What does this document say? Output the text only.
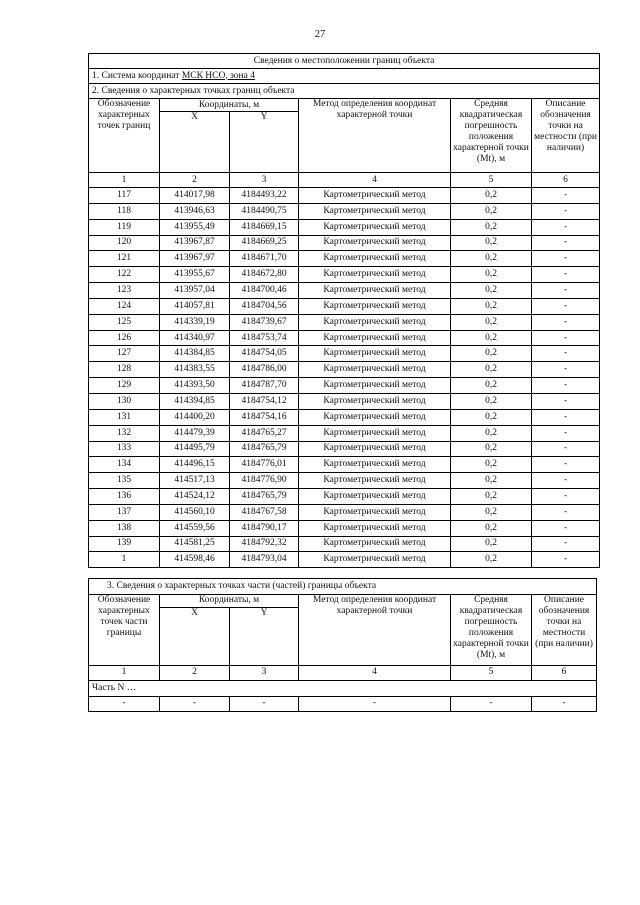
27
Сведения о местоположении границ объекта					
1. Система координат МСК НСО, зона 4					
2. Сведения о характерных точках границ объекта					
Обозначение характерных точек границ	Координаты, м		Метод определения координат характерной точки	Средняя квадратическая погрешность положения характерной точки (Mt), м	Описание обозначения точки на местности (при наличии)
	X	Y			
1	2	3	4	5	6
117	414017,98	4184493,22	Картометрический метод	0,2	-
118	413946,63	4184490,75	Картометрический метод	0,2	-
119	413955,49	4184669,15	Картометрический метод	0,2	-
120	413967,87	4184669,25	Картометрический метод	0,2	-
121	413967,97	4184671,70	Картометрический метод	0,2	-
122	413955,67	4184672,80	Картометрический метод	0,2	-
123	413957,04	4184700,46	Картометрический метод	0,2	-
124	414057,81	4184704,56	Картометрический метод	0,2	-
125	414339,19	4184739,67	Картометрический метод	0,2	-
126	414340,97	4184753,74	Картометрический метод	0,2	-
127	414384,85	4184754,05	Картометрический метод	0,2	-
128	414383,55	4184786,00	Картометрический метод	0,2	-
129	414393,50	4184787,70	Картометрический метод	0,2	-
130	414394,85	4184754,12	Картометрический метод	0,2	-
131	414400,20	4184754,16	Картометрический метод	0,2	-
132	414479,39	4184765,27	Картометрический метод	0,2	-
133	414495,79	4184765,79	Картометрический метод	0,2	-
134	414496,15	4184776,01	Картометрический метод	0,2	-
135	414517,13	4184776,90	Картометрический метод	0,2	-
136	414524,12	4184765,79	Картометрический метод	0,2	-
137	414560,10	4184767,58	Картометрический метод	0,2	-
138	414559,56	4184790,17	Картометрический метод	0,2	-
139	414581,25	4184792,32	Картометрический метод	0,2	-
1	414598,46	4184793,04	Картометрический метод	0,2	-
3. Сведения о характерных точках части (частей) границы объекта					
Обозначение характерных точек части границы	Координаты, м		Метод определения координат характерной точки	Средняя квадратическая погрешность положения характерной точки (Mt), м	Описание обозначения точки на местности (при наличии)
	X	Y			
1	2	3	4	5	6
Часть N …					
-	-	-	-	-	-
